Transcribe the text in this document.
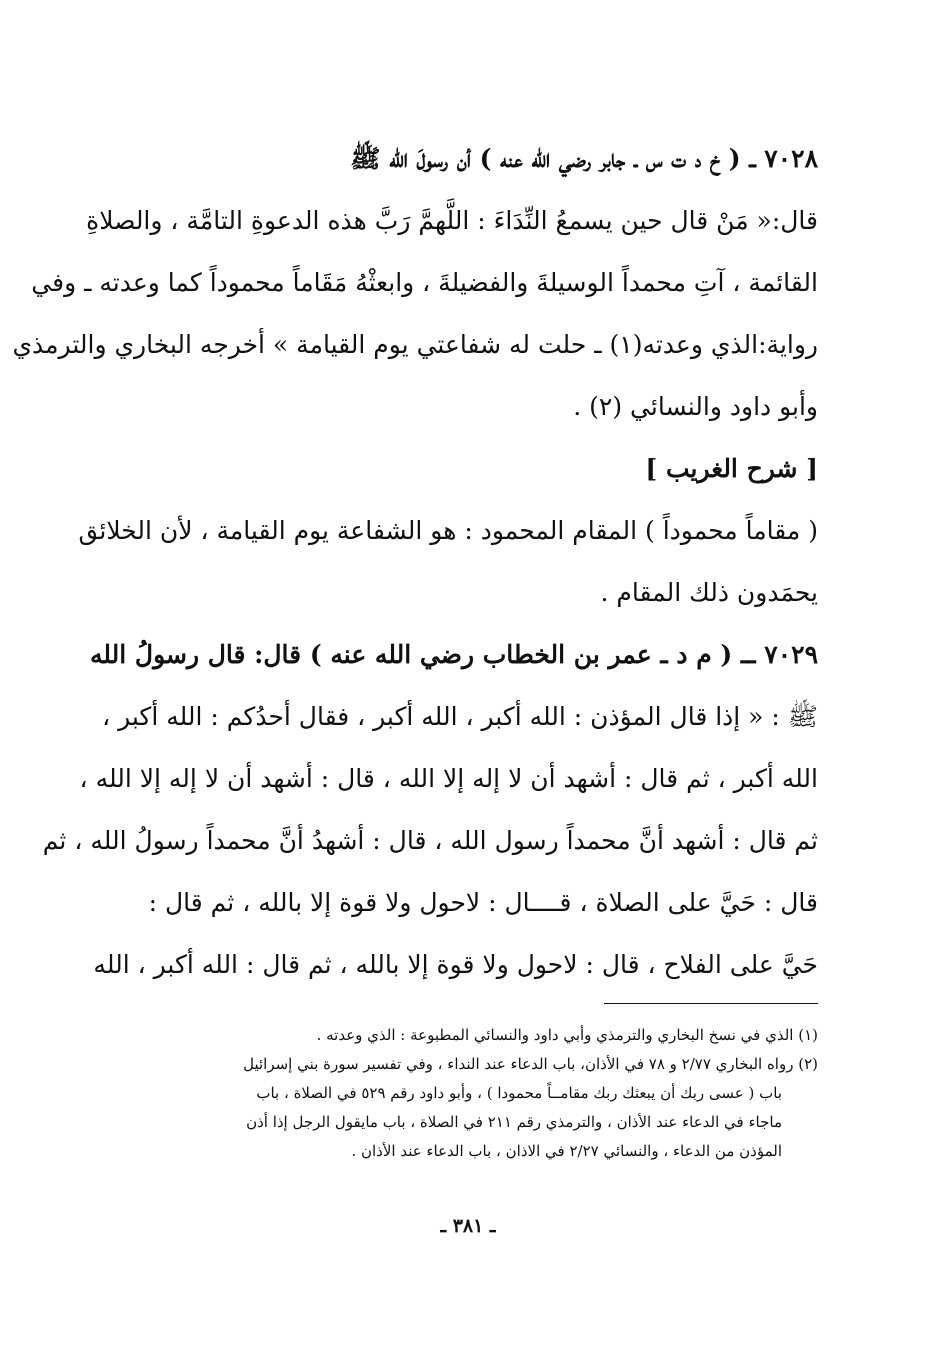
٧٠٢٨ ــ ( خ د ت س ـ جابر رضي الله عنه ) أن رسولَ الله ﷺ
قال:« مَنْ قال حين يسمعُ النِّدَاءَ : اللَّهمَّ رَبَّ هذه الدعوةِ التامَّة ، والصلاةِ
القائمة ، آتِ محمداً الوسيلةَ والفضيلةَ ، وابعثْهُ مَقَاماً محموداً كما وعدته ـ وفي
رواية:الذي وعدته(١) ـ حلت له شفاعتي يوم القيامة » أخرجه البخاري والترمذي
وأبو داود والنسائي (٢) .
[ شرح الغريب ]
( مقاماً محموداً ) المقام المحمود : هو الشفاعة يوم القيامة ، لأن الخلائق
يحمَدون ذلك المقام .
٧٠٢٩ ــ ( م د ـ عمر بن الخطاب رضي الله عنه ) قال: قال رسولُ الله
ﷺ : « إذا قال المؤذن : الله أكبر ، الله أكبر ، فقال أحدُكم : الله أكبر ،
الله أكبر ، ثم قال : أشهد أن لا إله إلا الله ، قال : أشهد أن لا إله إلا الله ،
ثم قال : أشهد أنَّ محمداً رسول الله ، قال : أشهدُ أنَّ محمداً رسولُ الله ، ثم
قال : حَيَّ على الصلاة ، قــــال : لاحول ولا قوة إلا بالله ، ثم قال :
حَيَّ على الفلاح ، قال : لاحول ولا قوة إلا بالله ، ثم قال : الله أكبر ، الله
(١) الذي في نسخ البخاري والترمذي وأبي داود والنسائي المطبوعة : الذي وعدته .
(٢) رواه البخاري ٢/٧٧ و ٧٨ في الأذان، باب الدعاء عند النداء ، وفي تفسير سورة بني إسرائيل
باب ( عسى ربك أن يبعثك ربك مقامــاً محمودا ) ، وأبو داود رقم ٥٢٩ في الصلاة ، باب
ماجاء في الدعاء عند الأذان ، والترمذي رقم ٢١١ في الصلاة ، باب مايقول الرجل إذا أذن
المؤذن من الدعاء ، والنسائي ٢/٢٧ في الاذان ، باب الدعاء عند الأذان .
ـ ٣٨١ ـ
